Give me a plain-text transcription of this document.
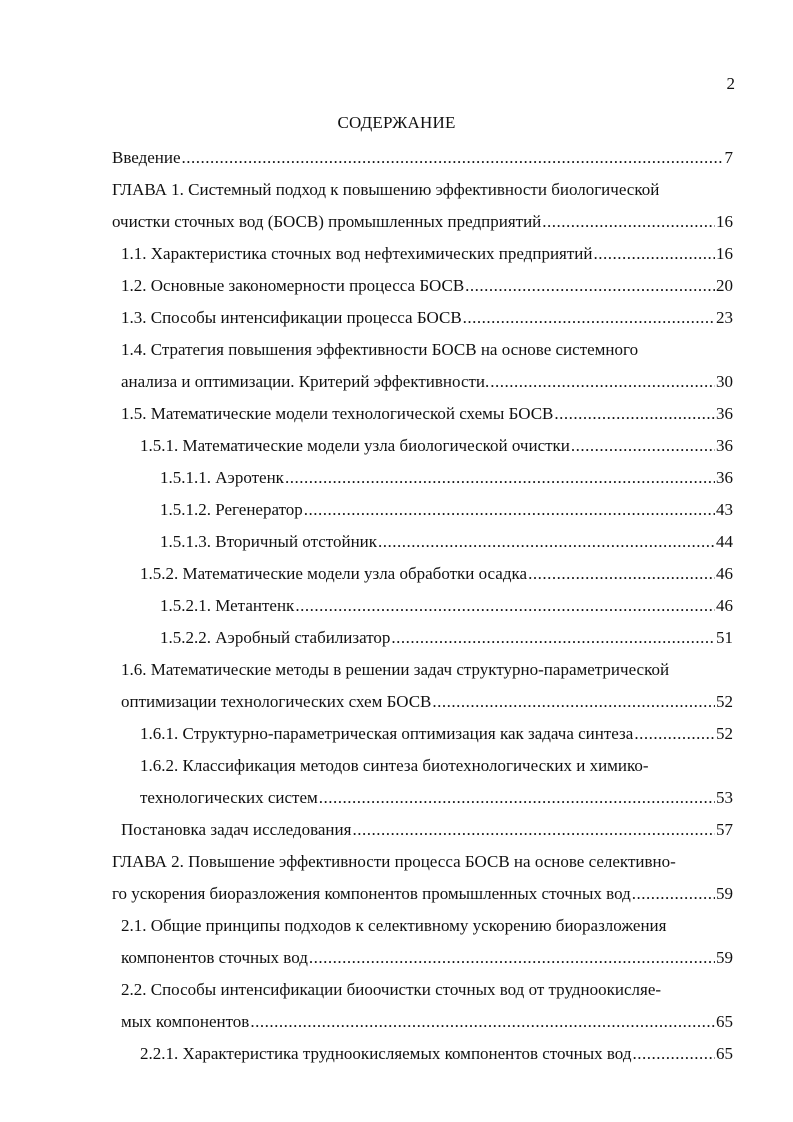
2
СОДЕРЖАНИЕ
Введение .....	7
ГЛАВА 1. Системный подход к повышению эффективности биологической
очистки сточных вод (БОСВ) промышленных предприятий .....	16
1.1. Характеристика сточных вод нефтехимических предприятий .....	16
1.2. Основные закономерности процесса БОСВ .....	20
1.3. Способы интенсификации процесса БОСВ .....	23
1.4. Стратегия повышения эффективности БОСВ на основе системного
анализа и оптимизации. Критерий эффективности. .....	30
1.5. Математические модели технологической схемы БОСВ .....	36
1.5.1. Математические модели узла биологической очистки .....	36
1.5.1.1. Аэротенк .....	36
1.5.1.2. Регенератор .....	43
1.5.1.3. Вторичный отстойник .....	44
1.5.2. Математические модели узла обработки осадка .....	46
1.5.2.1. Метантенк .....	46
1.5.2.2. Аэробный стабилизатор .....	51
1.6. Математические методы в решении задач структурно-параметрической
оптимизации технологических схем БОСВ .....	52
1.6.1. Структурно-параметрическая оптимизация как задача синтеза .....	52
1.6.2. Классификация методов синтеза биотехнологических и химико-
технологических систем .....	53
Постановка задач исследования .....	57
ГЛАВА 2. Повышение эффективности процесса БОСВ на основе селективно-
го ускорения биоразложения компонентов промышленных сточных вод .....	59
2.1. Общие принципы подходов к селективному ускорению биоразложения
компонентов сточных вод .....	59
2.2. Способы интенсификации биоочистки сточных вод от трудноокисляе-
мых компонентов .....	65
2.2.1. Характеристика трудноокисляемых компонентов сточных вод .....	65
